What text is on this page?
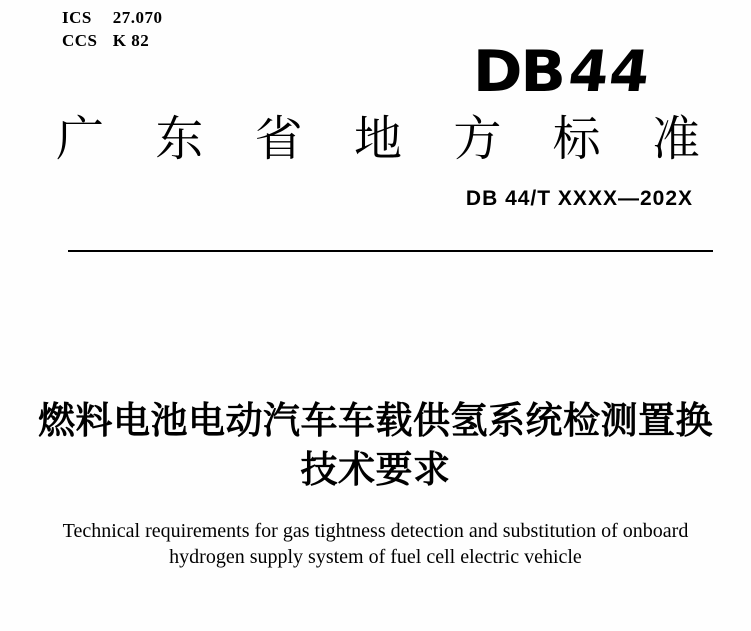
ICS 27.070
CCS K 82	DB44
广 东 省 地 方 标 准
DB 44/T XXXX—202X
燃料电池电动汽车车载供氢系统检测置换
技术要求
Technical requirements for gas tightness detection and substitution of onboard
hydrogen supply system of fuel cell electric vehicle
